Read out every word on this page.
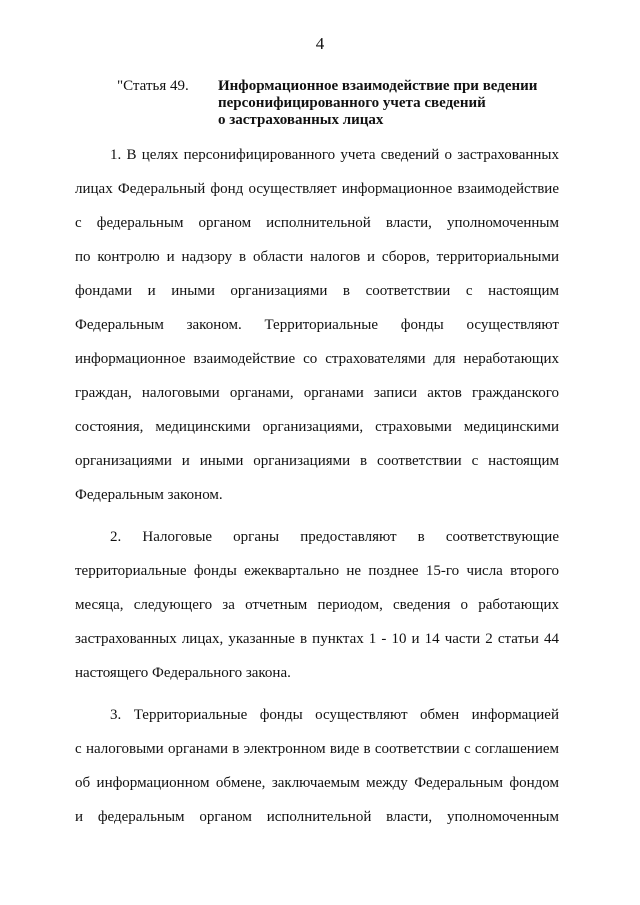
4
"Статья 49. Информационное взаимодействие при ведении
персонифицированного учета сведений
о застрахованных лицах
1. В целях персонифицированного учета сведений о застрахованных
лицах Федеральный фонд осуществляет информационное взаимодействие
с федеральным органом исполнительной власти, уполномоченным
по контролю и надзору в области налогов и сборов, территориальными
фондами и иными организациями в соответствии с настоящим
Федеральным законом. Территориальные фонды осуществляют
информационное взаимодействие со страхователями для неработающих
граждан, налоговыми органами, органами записи актов гражданского
состояния, медицинскими организациями, страховыми медицинскими
организациями и иными организациями в соответствии с настоящим
Федеральным законом.
2. Налоговые органы предоставляют в соответствующие
территориальные фонды ежеквартально не позднее 15-го числа второго
месяца, следующего за отчетным периодом, сведения о работающих
застрахованных лицах, указанные в пунктах 1 - 10 и 14 части 2 статьи 44
настоящего Федерального закона.
3. Территориальные фонды осуществляют обмен информацией
с налоговыми органами в электронном виде в соответствии с соглашением
об информационном обмене, заключаемым между Федеральным фондом
и федеральным органом исполнительной власти, уполномоченным
